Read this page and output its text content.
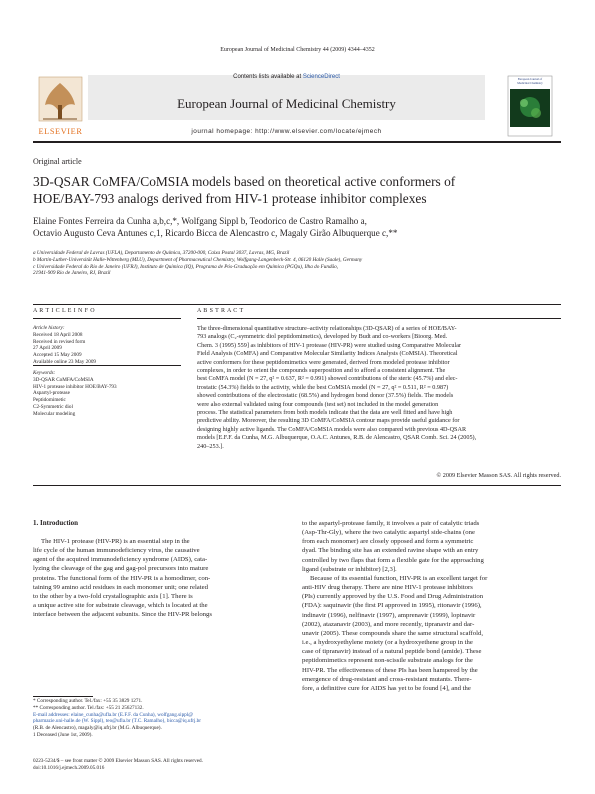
European Journal of Medicinal Chemistry 44 (2009) 4344–4352
ELSEVIER
Contents lists available at ScienceDirect
European Journal of Medicinal Chemistry
journal homepage: http://www.elsevier.com/locate/ejmech
European Journal of
Medicinal Chemistry
Original article
3D-QSAR CoMFA/CoMSIA models based on theoretical active conformers of
HOE/BAY-793 analogs derived from HIV-1 protease inhibitor complexes
Elaine Fontes Ferreira da Cunha a,b,c,*, Wolfgang Sippl b, Teodorico de Castro Ramalho a,
Octavio Augusto Ceva Antunes c,1, Ricardo Bicca de Alencastro c, Magaly Girão Albuquerque c,**
a Universidade Federal de Lavras (UFLA), Departamento de Química, 37200-000, Caixa Postal 3037, Lavras, MG, Brazil
b Martin-Luther-Universität Halle-Wittenberg (MLU), Department of Pharmaceutical Chemistry, Wolfgang-Langenbeck-Str. 4, 06120 Halle (Saale), Germany
c Universidade Federal do Rio de Janeiro (UFRJ), Instituto de Química (IQ), Programa de Pós-Graduação em Química (PGQu), Ilha do Fundão,
21941-909 Rio de Janeiro, RJ, Brazil
A R T I C L E I N F O	A B S T R A C T
Article history:
Received 18 April 2008
Received in revised form
27 April 2009
Accepted 15 May 2009
Available online 23 May 2009
Keywords:
3D-QSAR CoMFA/CoMSIA
HIV-1 protease inhibitor HOE/BAY-793
Aspartyl-protease
Peptidomimetic
C2-Symmetric diol
Molecular modeling
The three-dimensional quantitative structure–activity relationships (3D-QSAR) of a series of HOE/BAY-
793 analogs (C₂-symmetric diol peptidomimetics), developed by Budt and co-workers [Bioorg. Med.
Chem. 3 (1995) 559] as inhibitors of HIV-1 protease (HIV-PR) were studied using Comparative Molecular
Field Analysis (CoMFA) and Comparative Molecular Similarity Indices Analysis (CoMSIA). Theoretical
active conformers for these peptidomimetics were generated, derived from modeled protease inhibitor
complexes, in order to orient the compounds superposition and to afford a consistent alignment. The
best CoMFA model (N = 27, q² = 0.637, R² = 0.991) showed contributions of the steric (45.7%) and elec-
trostatic (54.3%) fields to the activity, while the best CoMSIA model (N = 27, q² = 0.511, R² = 0.987)
showed contributions of the electrostatic (68.5%) and hydrogen bond donor (37.5%) fields. The models
were also external validated using four compounds (test set) not included in the model generation
process. The statistical parameters from both models indicate that the data are well fitted and have high
predictive ability. Moreover, the resulting 3D CoMFA/CoMSIA contour maps provide useful guidance for
designing highly active ligands. The CoMFA/CoMSIA models were also compared with previous 4D-QSAR
models [E.F.F. da Cunha, M.G. Albuquerque, O.A.C. Antunes, R.B. de Alencastro, QSAR Comb. Sci. 24 (2005),
240–253.].
© 2009 Elsevier Masson SAS. All rights reserved.
1. Introduction
The HIV-1 protease (HIV-PR) is an essential step in the
life cycle of the human immunodeficiency virus, the causative
agent of the acquired immunodeficiency syndrome (AIDS), cata-
lyzing the cleavage of the gag and gag-pol precursors into mature
proteins. The functional form of the HIV-PR is a homodimer, con-
taining 99 amino acid residues in each monomer unit; one related
to the other by a two-fold crystallographic axis [1]. There is
a unique active site for substrate cleavage, which is located at the
interface between the adjacent subunits. Since the HIV-PR belongs
to the aspartyl-protease family, it involves a pair of catalytic triads
(Asp-Thr-Gly), where the two catalytic aspartyl side-chains (one
from each monomer) are closely opposed and form a symmetric
dyad. The binding site has an extended ravine shape with an entry
controlled by two flaps that form a flexible gate for the approaching
ligand (substrate or inhibitor) [2,3].
Because of its essential function, HIV-PR is an excellent target for
anti-HIV drug therapy. There are nine HIV-1 protease inhibitors
(PIs) currently approved by the U.S. Food and Drug Administration
(FDA): saquinavir (the first PI approved in 1995), ritonavir (1996),
indinavir (1996), nelfinavir (1997), amprenavir (1999), lopinavir
(2002), atazanavir (2003), and more recently, tipranavir and dar-
unavir (2005). These compounds share the same structural scaffold,
i.e., a hydroxyethylene moiety (or a hydroxyethene group in the
case of tipranavir) instead of a natural peptide bond (amide). These
peptidomimetics represent non-scissile substrate analogs for the
HIV-PR. The effectiveness of these PIs has been hampered by the
emergence of drug-resistant and cross-resistant mutants. There-
fore, a definitive cure for AIDS has yet to be found [4], and the
* Corresponding author. Tel./fax: +55 35 3829 1271.
** Corresponding author. Tel./fax: +55 21 25627132.
E-mail addresses: elaine_cunha@ufla.br (E.F.F. da Cunha), wolfgang.sippl@
pharmazie.uni-halle.de (W. Sippl), teo@ufla.br (T.C. Ramalho), bicca@iq.ufrj.br
(R.B. de Alencastro), magaly@iq.ufrj.br (M.G. Albuquerque).
1 Deceased (June 1st, 2009).
0223-5234/$ – see front matter © 2009 Elsevier Masson SAS. All rights reserved.
doi:10.1016/j.ejmech.2009.05.016
